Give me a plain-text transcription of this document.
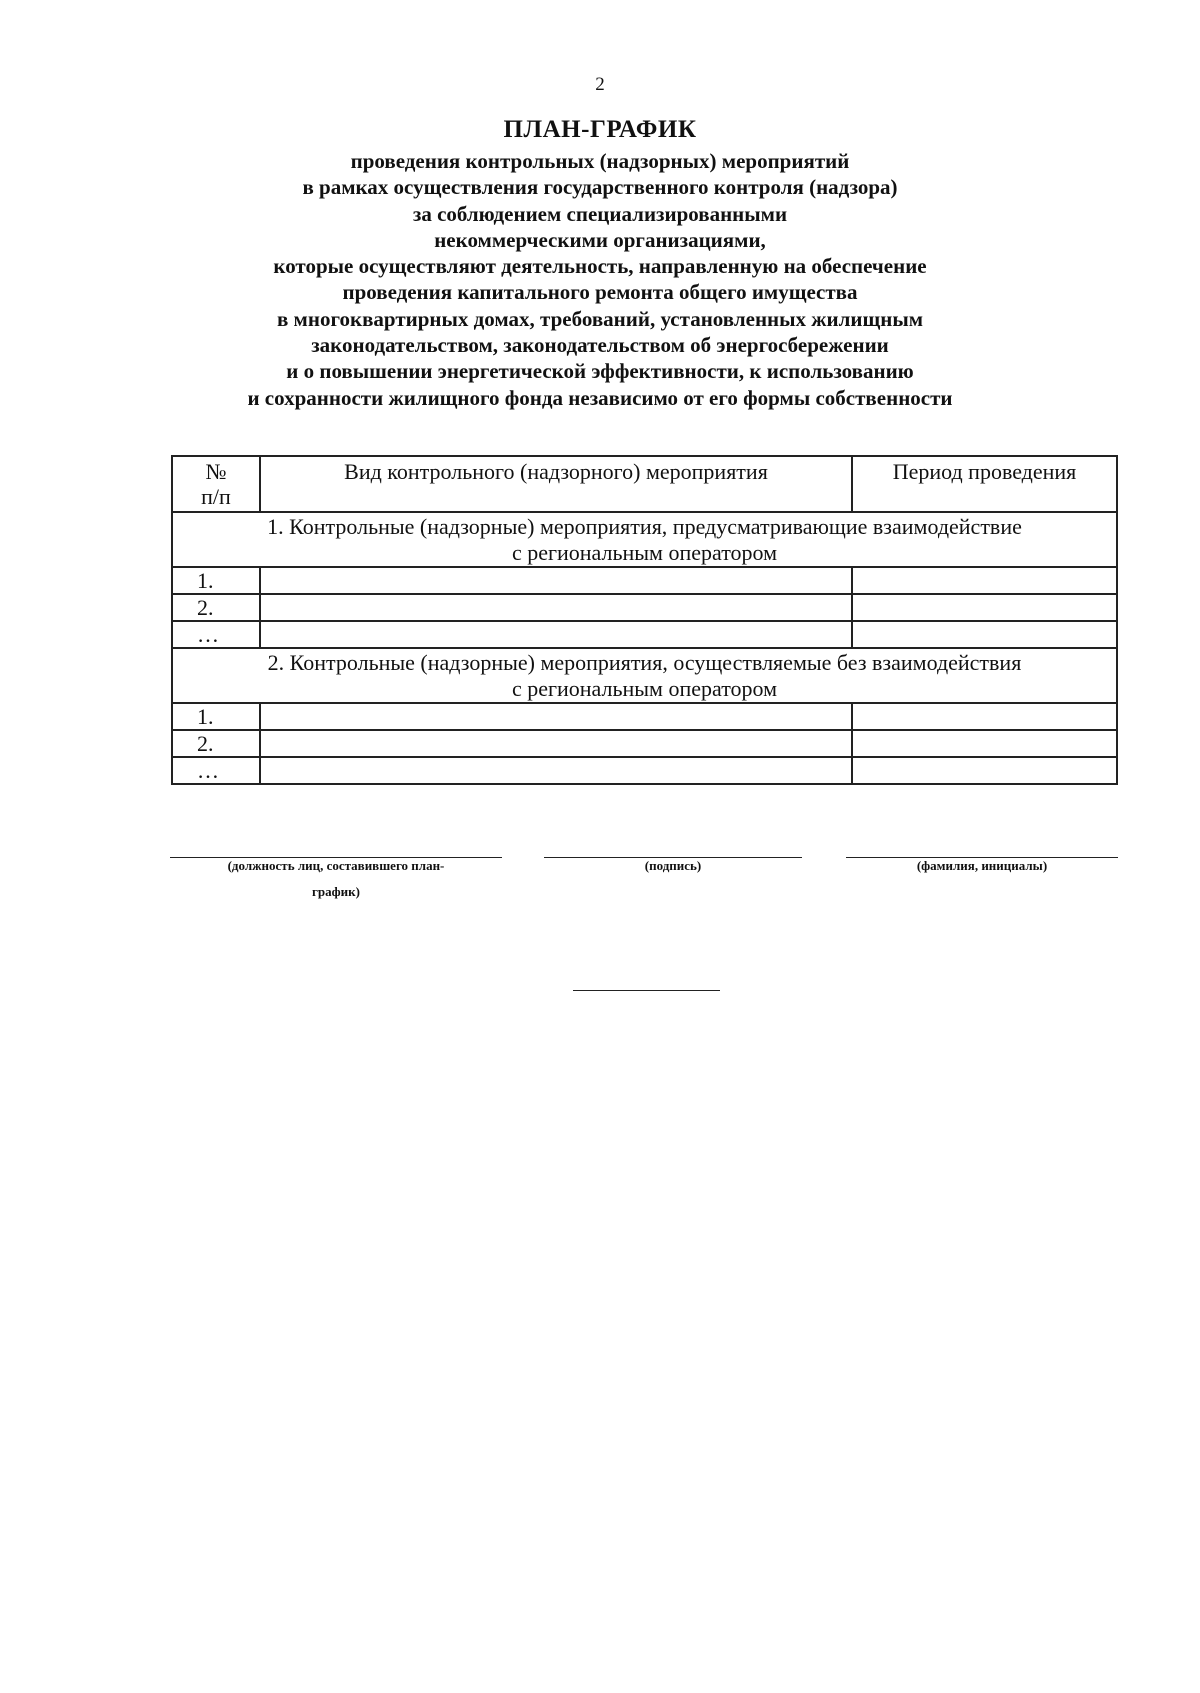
2
ПЛАН-ГРАФИК
проведения контрольных (надзорных) мероприятий
в рамках осуществления государственного контроля (надзора)
за соблюдением специализированными
некоммерческими организациями,
которые осуществляют деятельность, направленную на обеспечение
проведения капитального ремонта общего имущества
в многоквартирных домах, требований, установленных жилищным
законодательством, законодательством об энергосбережении
и о повышении энергетической эффективности, к использованию
и сохранности жилищного фонда независимо от его формы собственности
№
п/п	Вид контрольного (надзорного) мероприятия	Период проведения
1. Контрольные (надзорные) мероприятия, предусматривающие взаимодействие
с региональным оператором		
1.		
2.		
…		
2. Контрольные (надзорные) мероприятия, осуществляемые без взаимодействия
с региональным оператором		
1.		
2.		
…		
(должность лиц, составившего план-
график)
(подпись)	(фамилия, инициалы)
